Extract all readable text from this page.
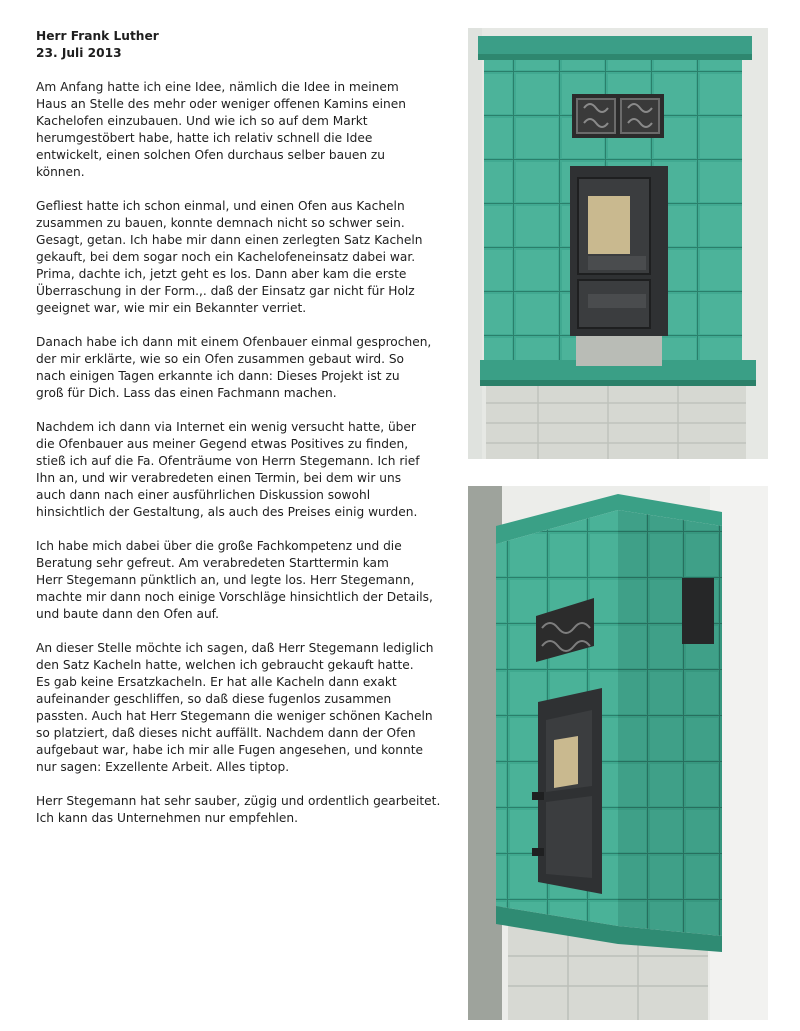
Herr Frank Luther
23. Juli 2013

Am Anfang hatte ich eine Idee, nämlich die Idee in meinem
Haus an Stelle des mehr oder weniger offenen Kamins einen
Kachelofen einzubauen. Und wie ich so auf dem Markt
herumgestöbert habe, hatte ich relativ schnell die Idee
entwickelt, einen solchen Ofen durchaus selber bauen zu
können.

Gefliest hatte ich schon einmal, und einen Ofen aus Kacheln
zusammen zu bauen, konnte demnach nicht so schwer sein.
Gesagt, getan. Ich habe mir dann einen zerlegten Satz Kacheln
gekauft, bei dem sogar noch ein Kachelofeneinsatz dabei war.
Prima, dachte ich, jetzt geht es los. Dann aber kam die erste
Überraschung in der Form.,. daß der Einsatz gar nicht für Holz
geeignet war, wie mir ein Bekannter verriet.

Danach habe ich dann mit einem Ofenbauer einmal gesprochen,
der mir erklärte, wie so ein Ofen zusammen gebaut wird. So
nach einigen Tagen erkannte ich dann: Dieses Projekt ist zu
groß für Dich. Lass das einen Fachmann machen.

Nachdem ich dann via Internet ein wenig versucht hatte, über
die Ofenbauer aus meiner Gegend etwas Positives zu finden,
stieß ich auf die Fa. Ofenträume von Herrn Stegemann. Ich rief
Ihn an, und wir verabredeten einen Termin, bei dem wir uns
auch dann nach einer ausführlichen Diskussion sowohl
hinsichtlich der Gestaltung, als auch des Preises einig wurden.

Ich habe mich dabei über die große Fachkompetenz und die
Beratung sehr gefreut. Am verabredeten Starttermin kam
Herr Stegemann pünktlich an, und legte los. Herr Stegemann,
machte mir dann noch einige Vorschläge hinsichtlich der Details,
und baute dann den Ofen auf.

An dieser Stelle möchte ich sagen, daß Herr Stegemann lediglich
den Satz Kacheln hatte, welchen ich gebraucht gekauft hatte.
Es gab keine Ersatzkacheln. Er hat alle Kacheln dann exakt
aufeinander geschliffen, so daß diese fugenlos zusammen
passten. Auch hat Herr Stegemann die weniger schönen Kacheln
so platziert, daß dieses nicht auffällt. Nachdem dann der Ofen
aufgebaut war, habe ich mir alle Fugen angesehen, und konnte
nur sagen: Exzellente Arbeit. Alles tiptop.

Herr Stegemann hat sehr sauber, zügig und ordentlich gearbeitet.
Ich kann das Unternehmen nur empfehlen.
